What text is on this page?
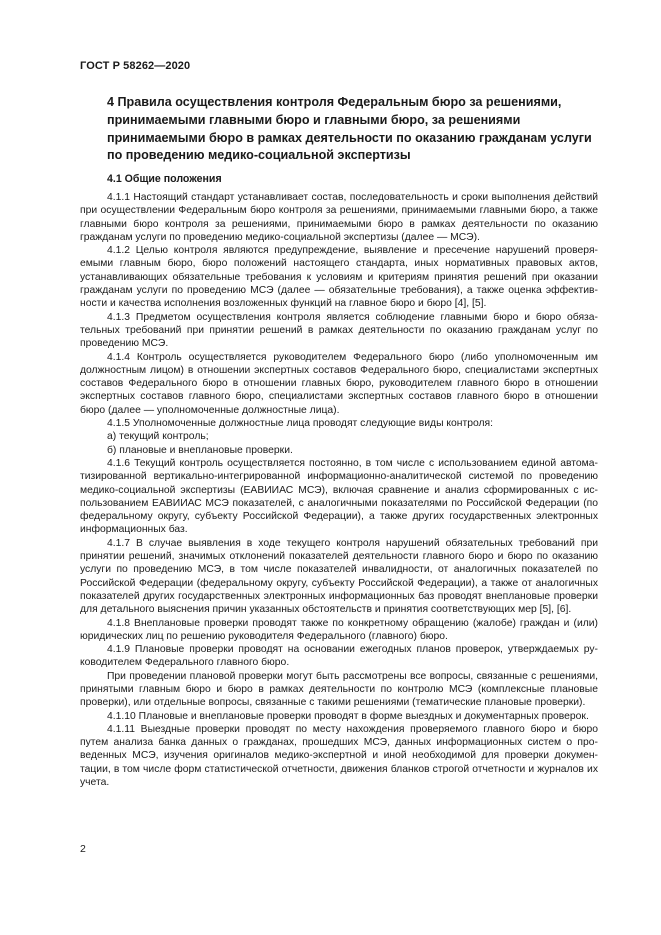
ГОСТ Р 58262—2020
4 Правила осуществления контроля Федеральным бюро за решениями, принимаемыми главными бюро и главными бюро, за решениями принимаемыми бюро в рамках деятельности по оказанию гражданам услуги по проведению медико-социальной экспертизы
4.1 Общие положения

4.1.1 Настоящий стандарт устанавливает состав, последовательность и сроки выполнения действий при осуществлении Федеральным бюро контроля за решениями, принимаемыми главными бюро, а также главными бюро контроля за решениями, принимаемыми бюро в рамках деятельности по оказанию гражданам услуги по проведению медико-социальной экспертизы (далее — МСЭ).

4.1.2 Целью контроля являются предупреждение, выявление и пресечение нарушений проверяемыми главным бюро, бюро положений настоящего стандарта, иных нормативных правовых актов, устанавливающих обязательные требования к условиям и критериям принятия решений при оказании гражданам услуги по проведению МСЭ (далее — обязательные требования), а также оценка эффективности и качества исполнения возложенных функций на главное бюро и бюро [4], [5].

4.1.3 Предметом осуществления контроля является соблюдение главными бюро и бюро обязательных требований при принятии решений в рамках деятельности по оказанию гражданам услуг по проведению МСЭ.

4.1.4 Контроль осуществляется руководителем Федерального бюро (либо уполномоченным им должностным лицом) в отношении экспертных составов Федерального бюро, специалистами экспертных составов Федерального бюро в отношении главных бюро, руководителем главного бюро в отношении экспертных составов главного бюро, специалистами экспертных составов главного бюро в отношении бюро (далее — уполномоченные должностные лица).

4.1.5 Уполномоченные должностные лица проводят следующие виды контроля:

а) текущий контроль;

б) плановые и внеплановые проверки.

4.1.6 Текущий контроль осуществляется постоянно, в том числе с использованием единой автоматизированной вертикально-интегрированной информационно-аналитической системой по проведению медико-социальной экспертизы (ЕАВИИАС МСЭ), включая сравнение и анализ сформированных с использованием ЕАВИИАС МСЭ показателей, с аналогичными показателями по Российской Федерации (по федеральному округу, субъекту Российской Федерации), а также других государственных электронных информационных баз.

4.1.7 В случае выявления в ходе текущего контроля нарушений обязательных требований при принятии решений, значимых отклонений показателей деятельности главного бюро и бюро по оказанию услуги по проведению МСЭ, в том числе показателей инвалидности, от аналогичных показателей по Российской Федерации (федеральному округу, субъекту Российской Федерации), а также от аналогичных показателей других государственных электронных информационных баз проводят внеплановые проверки для детального выяснения причин указанных обстоятельств и принятия соответствующих мер [5], [6].

4.1.8 Внеплановые проверки проводят также по конкретному обращению (жалобе) граждан и (или) юридических лиц по решению руководителя Федерального (главного) бюро.

4.1.9 Плановые проверки проводят на основании ежегодных планов проверок, утверждаемых руководителем Федерального главного бюро.

При проведении плановой проверки могут быть рассмотрены все вопросы, связанные с решениями, принятыми главным бюро и бюро в рамках деятельности по контролю МСЭ (комплексные плановые проверки), или отдельные вопросы, связанные с такими решениями (тематические плановые проверки).

4.1.10 Плановые и внеплановые проверки проводят в форме выездных и документарных проверок.

4.1.11 Выездные проверки проводят по месту нахождения проверяемого главного бюро и бюро путем анализа банка данных о гражданах, прошедших МСЭ, данных информационных систем о проведенных МСЭ, изучения оригиналов медико-экспертной и иной необходимой для проверки документации, в том числе форм статистической отчетности, движения бланков строгой отчетности и журналов их учета.

2
